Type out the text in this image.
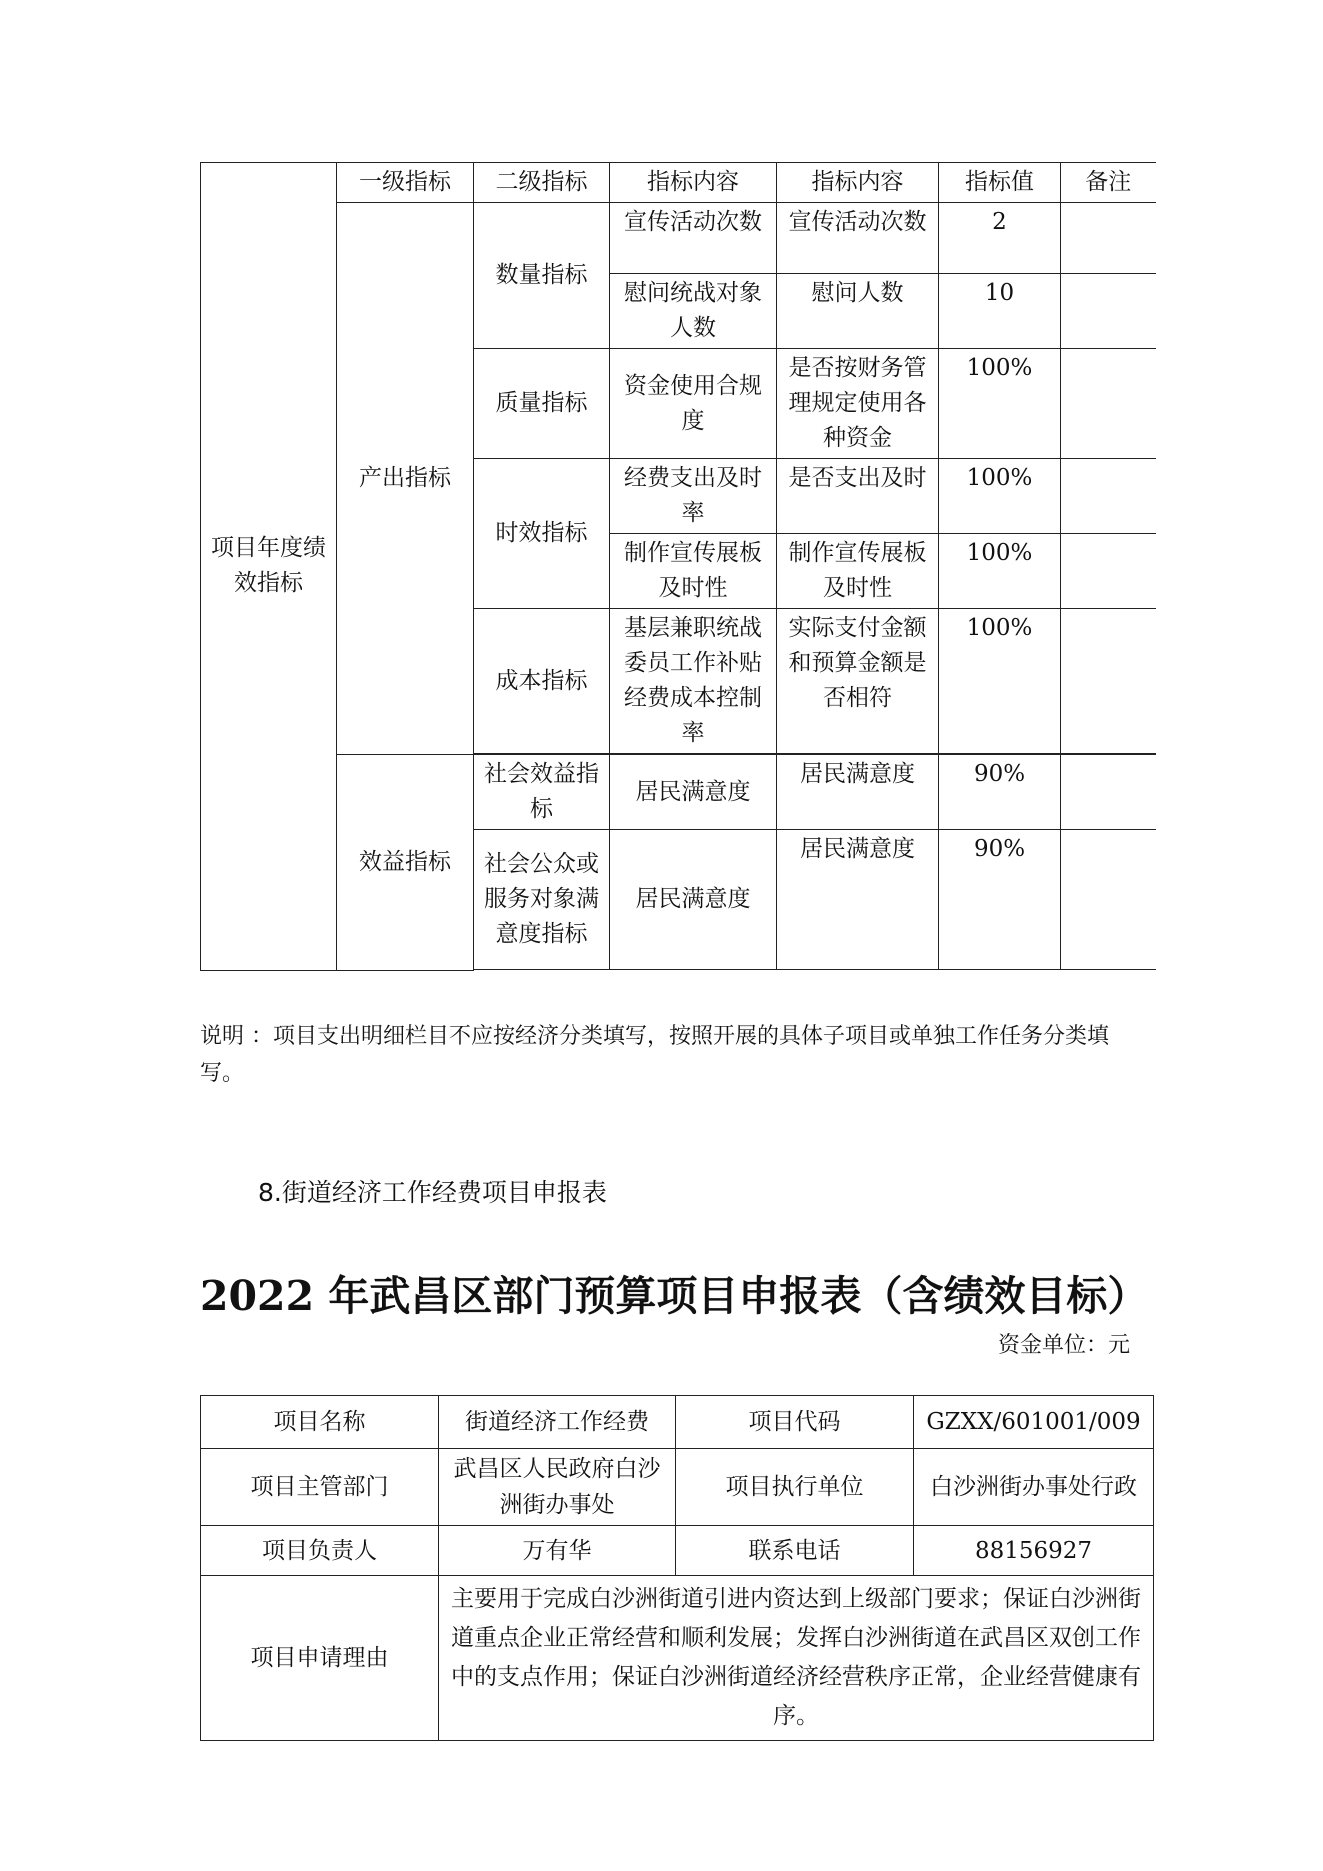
项目年度绩效指标	一级指标	二级指标	指标内容	指标内容	指标值	备注
	产出指标	数量指标	宣传活动次数	宣传活动次数	2	
			慰问统战对象人数	慰问人数	10	
		质量指标	资金使用合规度	是否按财务管理规定使用各种资金	100%	
		时效指标	经费支出及时率	是否支出及时	100%	
			制作宣传展板及时性	制作宣传展板及时性	100%	
		成本指标	基层兼职统战委员工作补贴经费成本控制率	实际支付金额和预算金额是否相符	100%	

	效益指标	社会效益指标	居民满意度	居民满意度	90%	
		社会公众或服务对象满意度指标	居民满意度	居民满意度	90%	

说明 ：项目支出明细栏目不应按经济分类填写，按照开展的具体子项目或单独工作任务分类填写。
8.街道经济工作经费项目申报表
2022 年武昌区部门预算项目申报表（含绩效目标）
资金单位：元
项目名称	街道经济工作经费	项目代码	GZXX/601001/009
项目主管部门	武昌区人民政府白沙洲街办事处	项目执行单位	白沙洲街办事处行政
项目负责人	万有华	联系电话	88156927
项目申请理由	主要用于完成白沙洲街道引进内资达到上级部门要求；保证白沙洲街道重点企业正常经营和顺利发展；发挥白沙洲街道在武昌区双创工作中的支点作用；保证白沙洲街道经济经营秩序正常，企业经营健康有序。		
